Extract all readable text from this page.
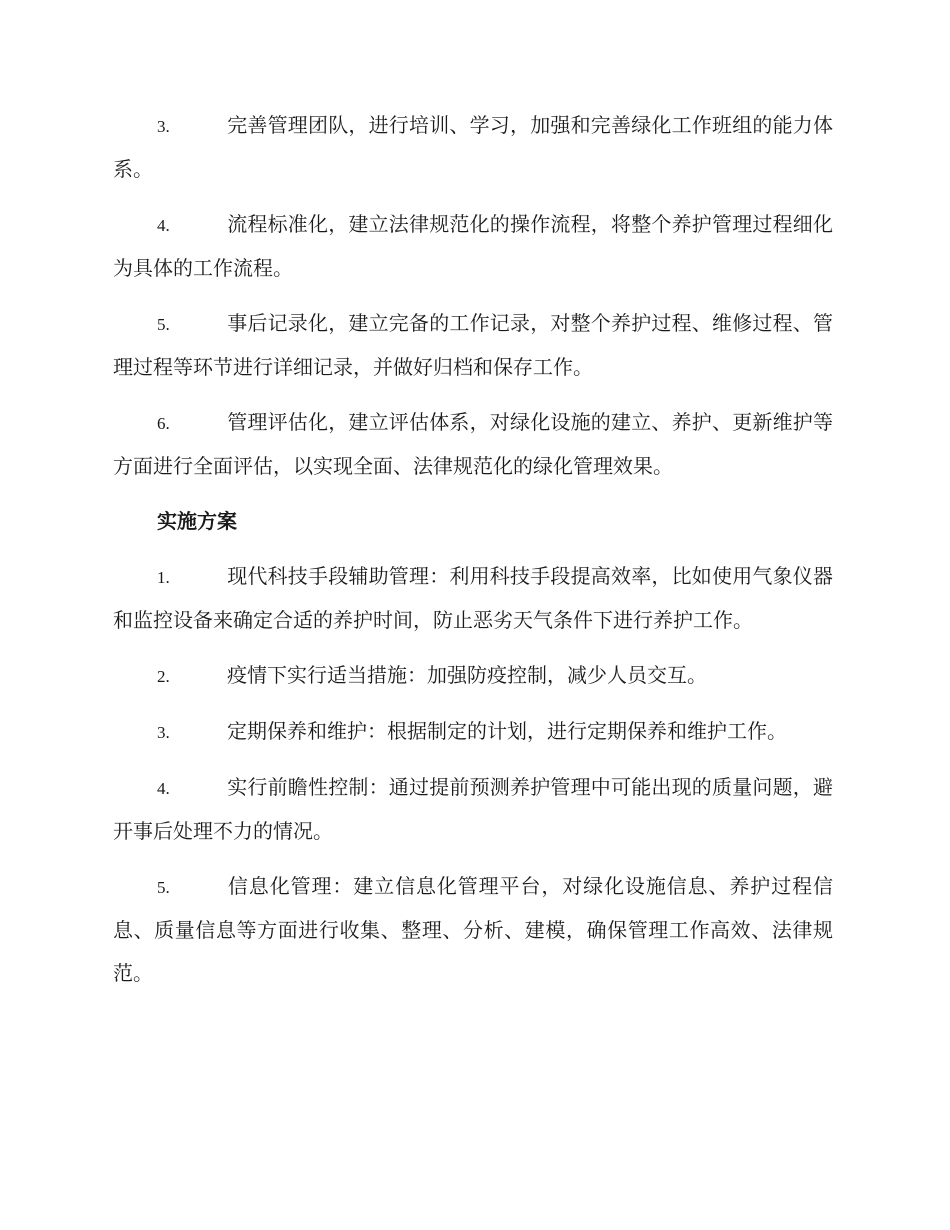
3.	完善管理团队，进行培训、学习，加强和完善绿化工作班组的能力体系。

4.	流程标准化，建立法律规范化的操作流程，将整个养护管理过程细化为具体的工作流程。

5.	事后记录化，建立完备的工作记录，对整个养护过程、维修过程、管理过程等环节进行详细记录，并做好归档和保存工作。

6.	管理评估化，建立评估体系，对绿化设施的建立、养护、更新维护等方面进行全面评估，以实现全面、法律规范化的绿化管理效果。

实施方案

1.	现代科技手段辅助管理：利用科技手段提高效率，比如使用气象仪器和监控设备来确定合适的养护时间，防止恶劣天气条件下进行养护工作。

2.	疫情下实行适当措施：加强防疫控制，减少人员交互。

3.	定期保养和维护：根据制定的计划，进行定期保养和维护工作。

4.	实行前瞻性控制：通过提前预测养护管理中可能出现的质量问题，避开事后处理不力的情况。

5.	信息化管理：建立信息化管理平台，对绿化设施信息、养护过程信息、质量信息等方面进行收集、整理、分析、建模，确保管理工作高效、法律规范。
